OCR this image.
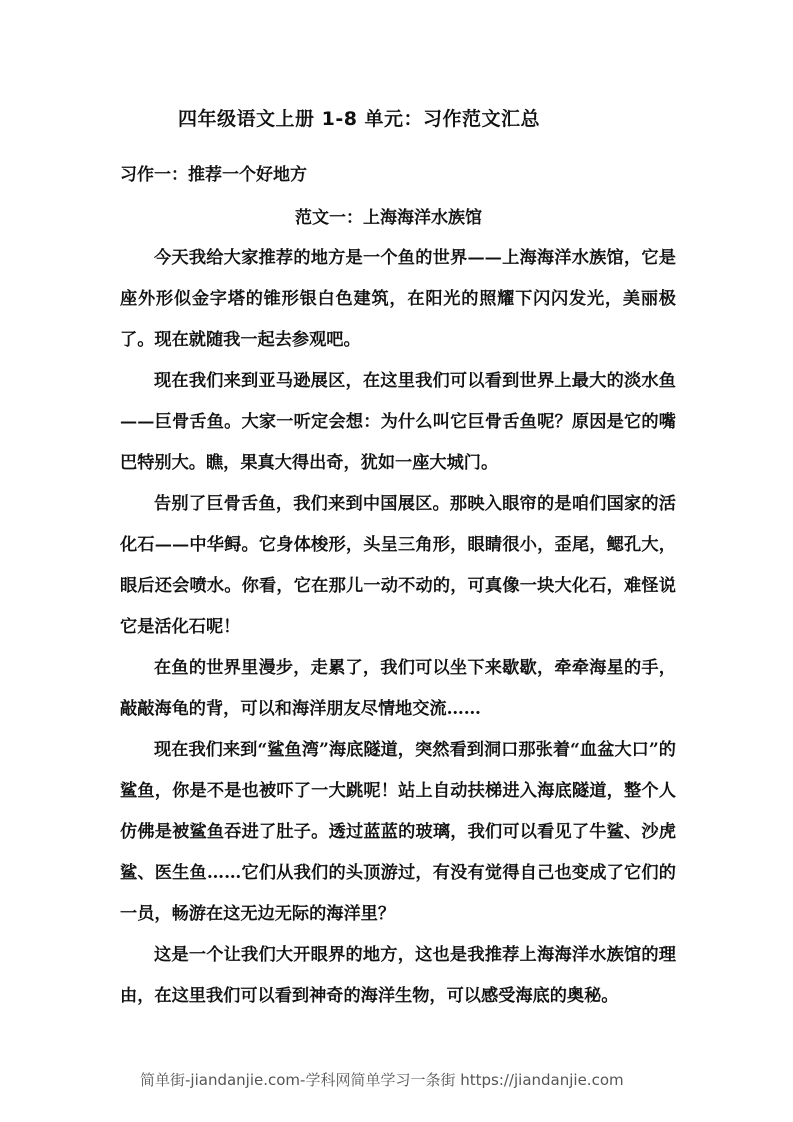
四年级语文上册 1-8 单元：习作范文汇总
习作一：推荐一个好地方
范文一：上海海洋水族馆

今天我给大家推荐的地方是一个鱼的世界——上海海洋水族馆，它是座外形似金字塔的锥形银白色建筑，在阳光的照耀下闪闪发光，美丽极了。现在就随我一起去参观吧。

现在我们来到亚马逊展区，在这里我们可以看到世界上最大的淡水鱼——巨骨舌鱼。大家一听定会想：为什么叫它巨骨舌鱼呢？原因是它的嘴巴特别大。瞧，果真大得出奇，犹如一座大城门。

告别了巨骨舌鱼，我们来到中国展区。那映入眼帘的是咱们国家的活化石——中华鲟。它身体梭形，头呈三角形，眼睛很小，歪尾，鳃孔大，眼后还会喷水。你看，它在那儿一动不动的，可真像一块大化石，难怪说它是活化石呢！

在鱼的世界里漫步，走累了，我们可以坐下来歇歇，牵牵海星的手，敲敲海龟的背，可以和海洋朋友尽情地交流……

现在我们来到“鲨鱼湾”海底隧道，突然看到洞口那张着“血盆大口”的鲨鱼，你是不是也被吓了一大跳呢！站上自动扶梯进入海底隧道，整个人仿佛是被鲨鱼吞进了肚子。透过蓝蓝的玻璃，我们可以看见了牛鲨、沙虎鲨、医生鱼……它们从我们的头顶游过，有没有觉得自己也变成了它们的一员，畅游在这无边无际的海洋里？

这是一个让我们大开眼界的地方，这也是我推荐上海海洋水族馆的理由，在这里我们可以看到神奇的海洋生物，可以感受海底的奥秘。

简单街-jiandanjie.com-学科网简单学习一条街 https://jiandanjie.com
